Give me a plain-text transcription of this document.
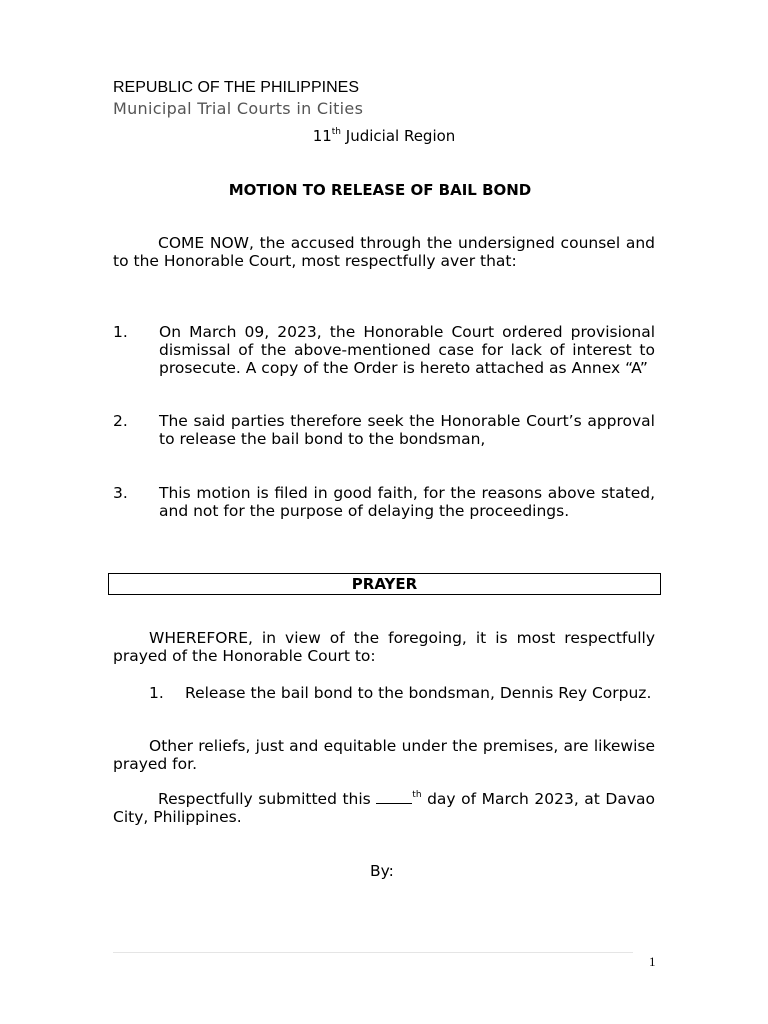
REPUBLIC OF THE PHILIPPINES

Municipal Trial Courts in Cities

11th Judicial Region

MOTION TO RELEASE OF BAIL BOND

COME NOW, the accused through the undersigned counsel and to the Honorable Court, most respectfully aver that:

1. On March 09, 2023, the Honorable Court ordered provisional dismissal of the above-mentioned case for lack of interest to prosecute. A copy of the Order is hereto attached as Annex “A”
2. The said parties therefore seek the Honorable Court’s approval to release the bail bond to the bondsman,
3. This motion is filed in good faith, for the reasons above stated, and not for the purpose of delaying the proceedings.
PRAYER

WHEREFORE, in view of the foregoing, it is most respectfully prayed of the Honorable Court to:

1. Release the bail bond to the bondsman, Dennis Rey Corpuz.

Other reliefs, just and equitable under the premises, are likewise prayed for.

Respectfully submitted this	$^{th}$ day of March 2023, at Davao City, Philippines.

By:

1
